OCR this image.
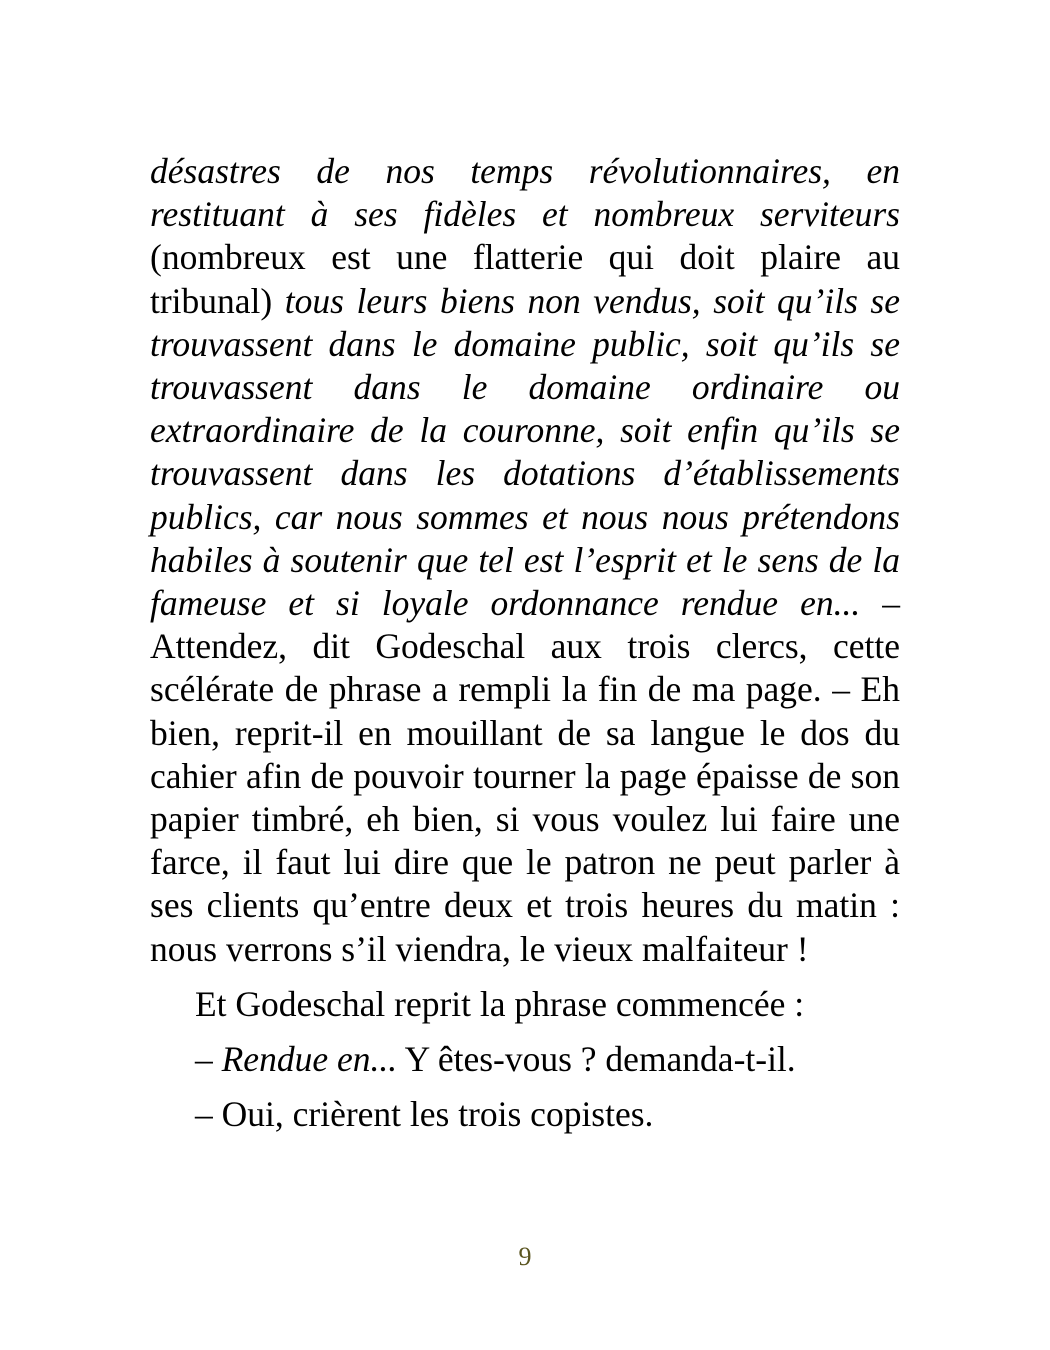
désastres de nos temps révolutionnaires, en restituant à ses fidèles et nombreux serviteurs (nombreux est une flatterie qui doit plaire au tribunal) tous leurs biens non vendus, soit qu’ils se trouvassent dans le domaine public, soit qu’ils se trouvassent dans le domaine ordinaire ou extraordinaire de la couronne, soit enfin qu’ils se trouvassent dans les dotations d’établissements publics, car nous sommes et nous nous prétendons habiles à soutenir que tel est l’esprit et le sens de la fameuse et si loyale ordonnance rendue en... – Attendez, dit Godeschal aux trois clercs, cette scélérate de phrase a rempli la fin de ma page. – Eh bien, reprit-il en mouillant de sa langue le dos du cahier afin de pouvoir tourner la page épaisse de son papier timbré, eh bien, si vous voulez lui faire une farce, il faut lui dire que le patron ne peut parler à ses clients qu’entre deux et trois heures du matin : nous verrons s’il viendra, le vieux malfaiteur !

Et Godeschal reprit la phrase commencée :

– Rendue en... Y êtes-vous ? demanda-t-il.

– Oui, crièrent les trois copistes.

9
